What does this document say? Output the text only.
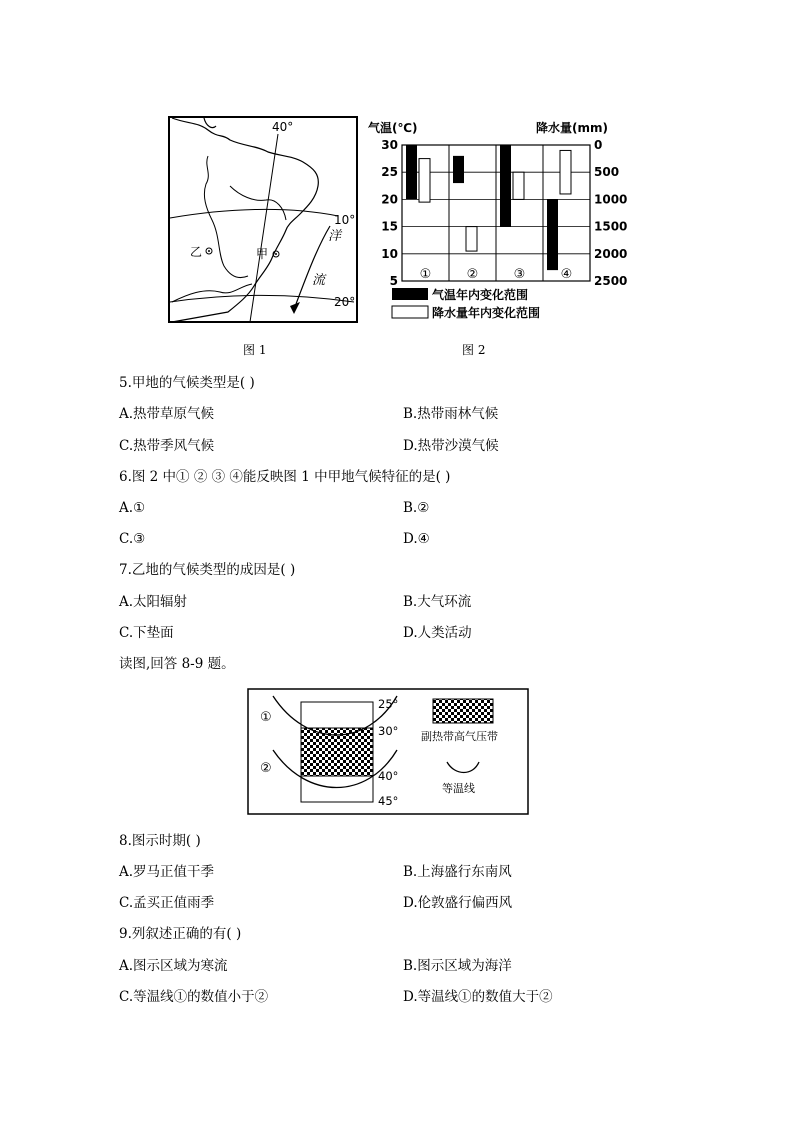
40°
10°
20°
洋
流
甲
乙
图 1
气温(℃)	降水量(mm)
①	②	③	④
30
25
20
15
10
5
0
500
1000
1500
2000
2500
气温年内变化范围
降水量年内变化范围
图 2
5.甲地的气候类型是( )
A.热带草原气候	B.热带雨林气候
C.热带季风气候	D.热带沙漠气候
6.图 2 中① ② ③ ④能反映图 1 中甲地气候特征的是( )
A.①	B.②
C.③	D.④
7.乙地的气候类型的成因是( )
A.太阳辐射	B.大气环流
C.下垫面	D.人类活动
读图,回答 8-9 题。
①
②
25°
30°
40°
45°
副热带高气压带
等温线
8.图示时期( )
A.罗马正值干季	B.上海盛行东南风
C.孟买正值雨季	D.伦敦盛行偏西风
9.列叙述正确的有( )
A.图示区域为寒流	B.图示区域为海洋
C.等温线①的数值小于②	D.等温线①的数值大于②
